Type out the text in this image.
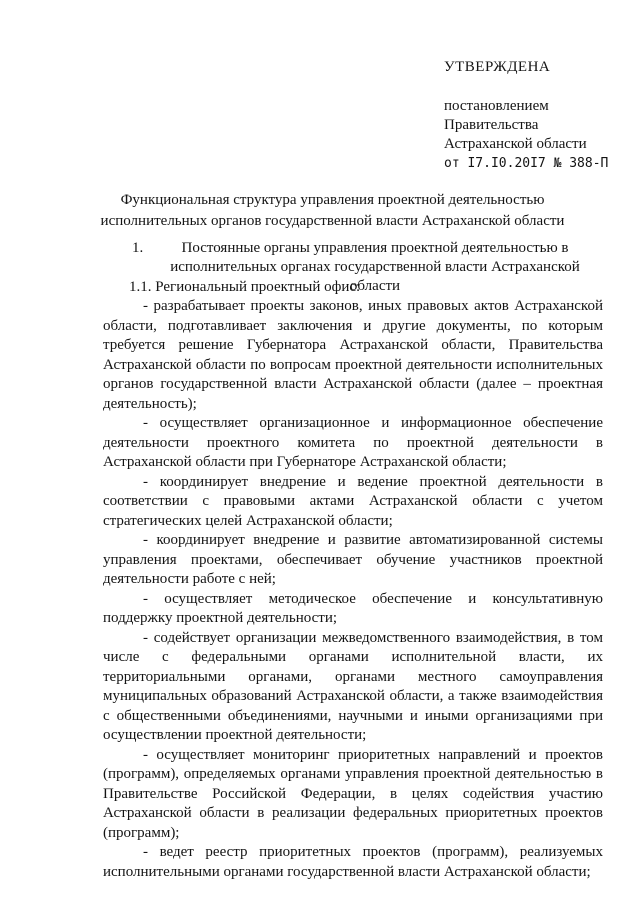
УТВЕРЖДЕНА
постановлением
Правительства
Астраханской области
от I7.I0.20I7 № 388-П
Функциональная структура управления проектной деятельностью исполнительных органов государственной власти Астраханской области
1.	Постоянные органы управления проектной деятельностью в исполнительных органах государственной власти Астраханской области
1.1. Региональный проектный офис:

- разрабатывает проекты законов, иных правовых актов Астраханской области, подготавливает заключения и другие документы, по которым требуется решение Губернатора Астраханской области, Правительства Астраханской области по вопросам проектной деятельности исполнительных органов государственной власти Астраханской области (далее – проектная деятельность);

- осуществляет организационное и информационное обеспечение деятельности проектного комитета по проектной деятельности в Астраханской области при Губернаторе Астраханской области;

- координирует внедрение и ведение проектной деятельности в соответствии с правовыми актами Астраханской области с учетом стратегических целей Астраханской области;

- координирует внедрение и развитие автоматизированной системы управления проектами, обеспечивает обучение участников проектной деятельности работе с ней;

- осуществляет методическое обеспечение и консультативную поддержку проектной деятельности;

- содействует организации межведомственного взаимодействия, в том числе с федеральными органами исполнительной власти, их территориальными органами, органами местного самоуправления муниципальных образований Астраханской области, а также взаимодействия с общественными объединениями, научными и иными организациями при осуществлении проектной деятельности;

- осуществляет мониторинг приоритетных направлений и проектов (программ), определяемых органами управления проектной деятельностью в Правительстве Российской Федерации, в целях содействия участию Астраханской области в реализации федеральных приоритетных проектов (программ);

- ведет реестр приоритетных проектов (программ), реализуемых исполнительными органами государственной власти Астраханской области;
